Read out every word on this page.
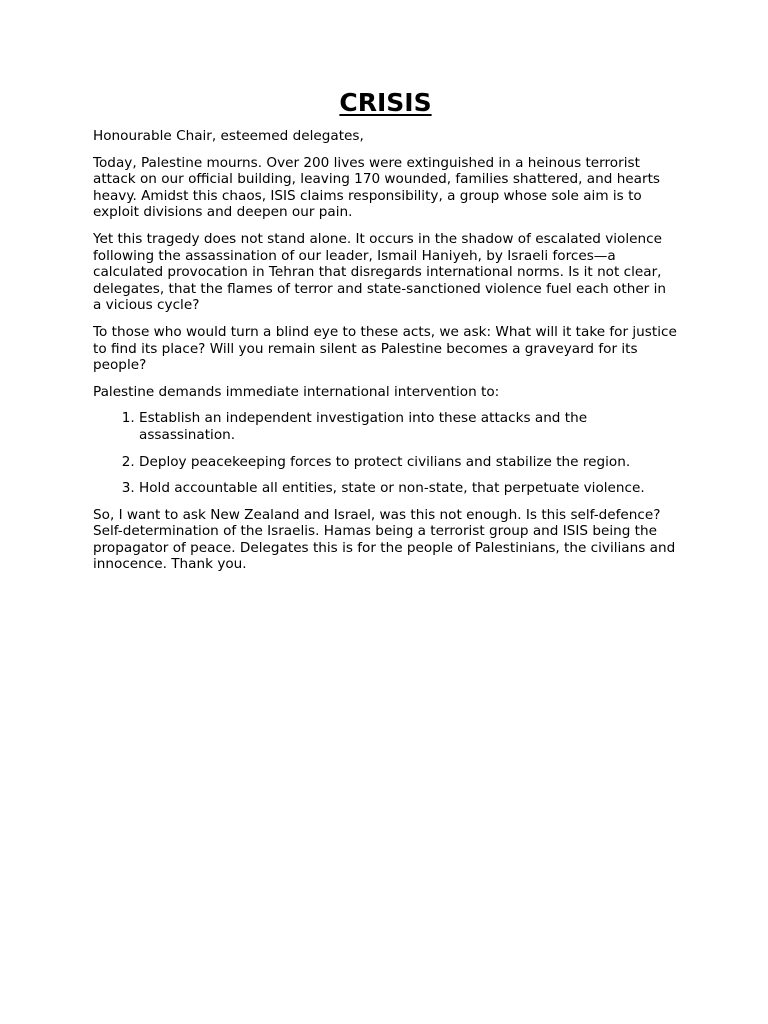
CRISIS

Honourable Chair, esteemed delegates,

Today, Palestine mourns. Over 200 lives were extinguished in a heinous terrorist attack on our official building, leaving 170 wounded, families shattered, and hearts heavy. Amidst this chaos, ISIS claims responsibility, a group whose sole aim is to exploit divisions and deepen our pain.

Yet this tragedy does not stand alone. It occurs in the shadow of escalated violence following the assassination of our leader, Ismail Haniyeh, by Israeli forces—a calculated provocation in Tehran that disregards international norms. Is it not clear, delegates, that the flames of terror and state-sanctioned violence fuel each other in a vicious cycle?

To those who would turn a blind eye to these acts, we ask: What will it take for justice to find its place? Will you remain silent as Palestine becomes a graveyard for its people?

Palestine demands immediate international intervention to:

1. Establish an independent investigation into these attacks and the assassination.
2. Deploy peacekeeping forces to protect civilians and stabilize the region.
3. Hold accountable all entities, state or non-state, that perpetuate violence.

So, I want to ask New Zealand and Israel, was this not enough. Is this self-defence? Self-determination of the Israelis. Hamas being a terrorist group and ISIS being the propagator of peace. Delegates this is for the people of Palestinians, the civilians and innocence. Thank you.
